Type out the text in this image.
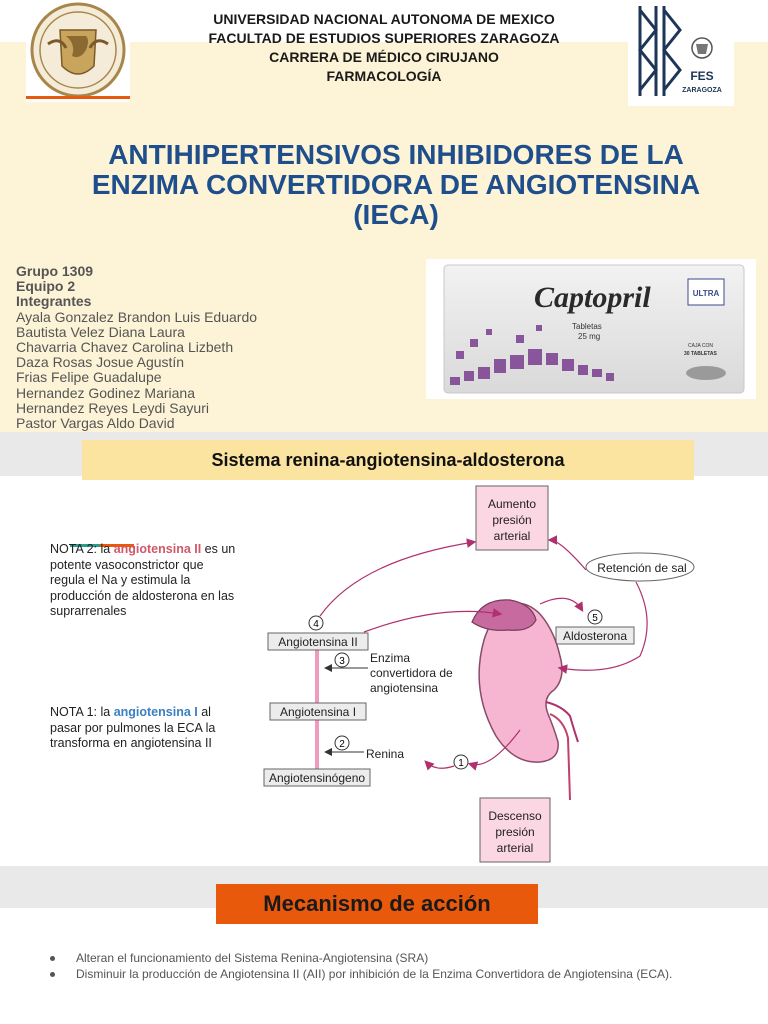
UNIVERSIDAD NACIONAL AUTONOMA DE MEXICO
FACULTAD DE ESTUDIOS SUPERIORES ZARAGOZA
CARRERA DE MÉDICO CIRUJANO
FARMACOLOGÍA	FES
ZARAGOZA
ANTIHIPERTENSIVOS INHIBIDORES DE LA
ENZIMA CONVERTIDORA DE ANGIOTENSINA
(IECA)
Grupo 1309
Equipo 2
Integrantes
Ayala Gonzalez Brandon Luis Eduardo
Bautista Velez Diana Laura
Chavarria Chavez Carolina Lizbeth
Daza Rosas Josue Agustín
Frias Felipe Guadalupe
Hernandez Godinez Mariana
Hernandez Reyes Leydi Sayuri
Pastor Vargas Aldo David
Captopril	ULTRA
Tabletas
25 mg
CAJA CON
30 TABLETAS
Sistema renina-angiotensina-aldosterona
NOTA 2: la angiotensina II es un potente vasoconstrictor que regula el Na y estimula la producción de aldosterona en las suprarrenales
NOTA 1: la angiotensina I al pasar por pulmones la ECA la transforma en angiotensina II
Aumento
presión
arterial
Retención de sal
Angiotensina II
Angiotensina I
Angiotensinógeno
Aldosterona
Enzima
convertidora de
angiotensina
Renina
4
3
2
1
5
Descenso
presión
arterial
Mecanismo de acción
Alteran el funcionamiento del Sistema Renina-Angiotensina (SRA)
Disminuir la producción de Angiotensina II (AII) por inhibición de la Enzima Convertidora de Angiotensina (ECA).
